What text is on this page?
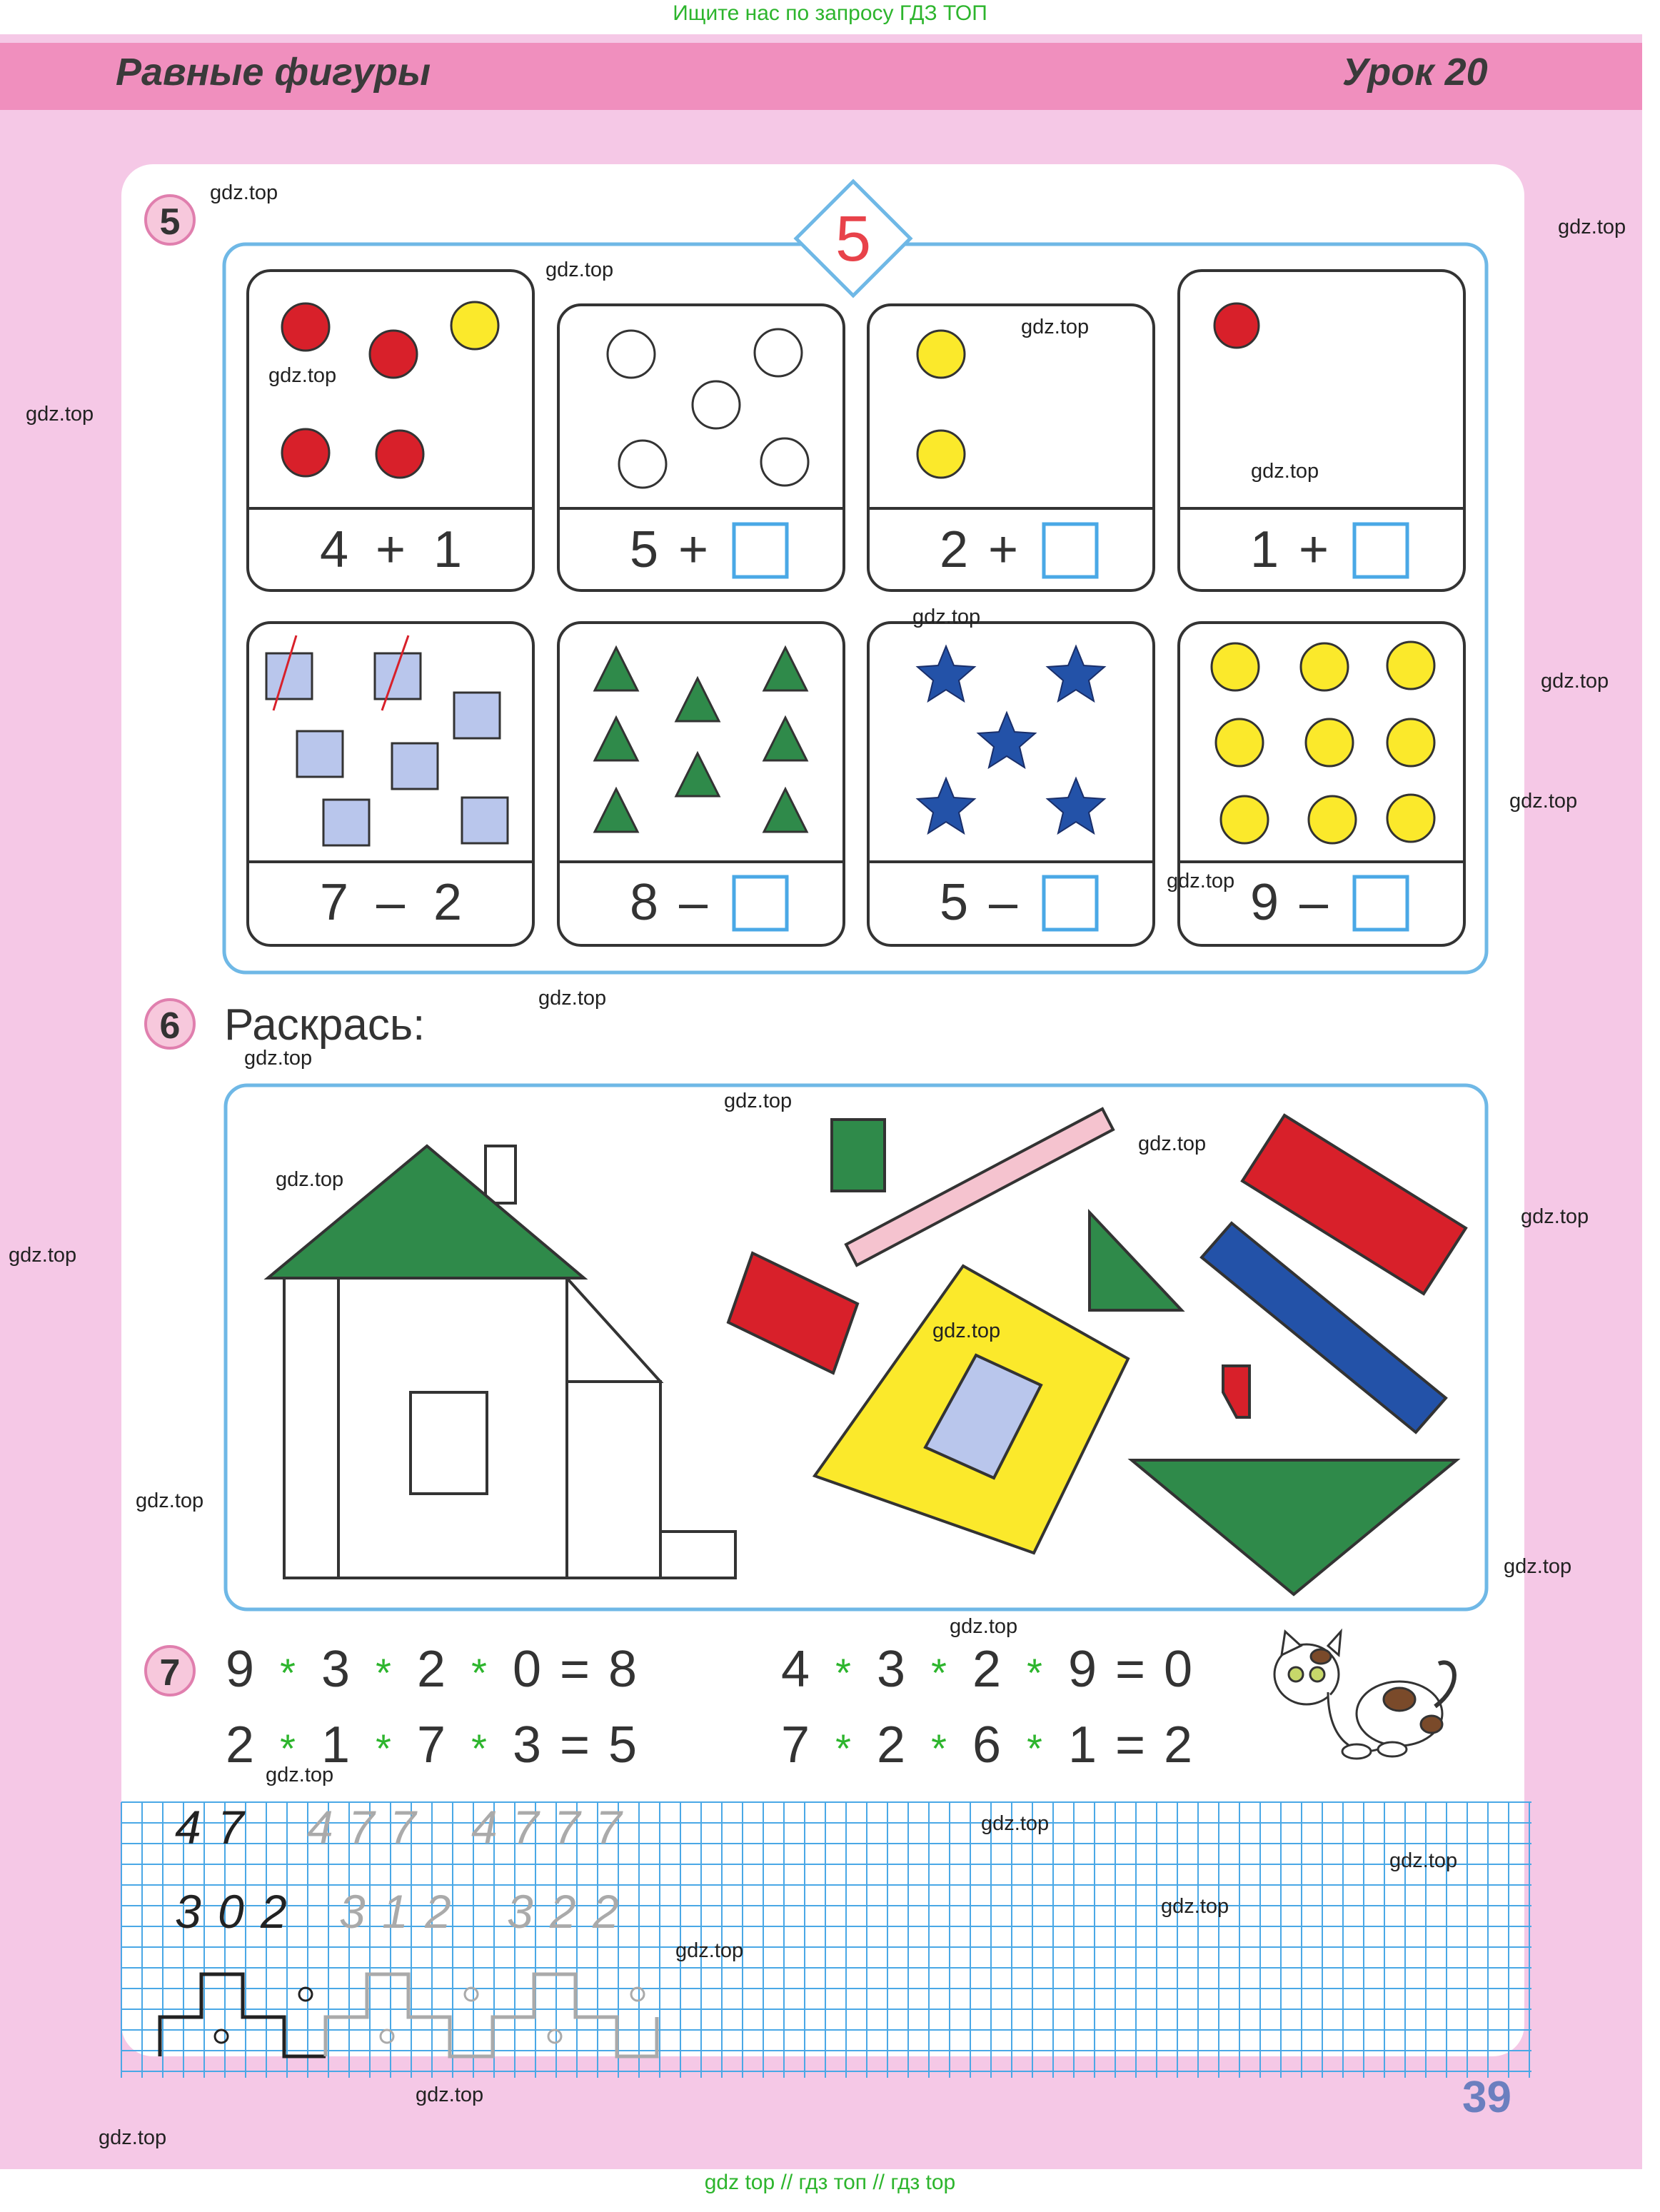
Ищите нас по запросу ГДЗ ТОП
Равные фигуры	Урок 20
5	5
4 + 1	5 +	2 +	1 +
7 – 2	8 –	5 –	9 –
6 Раскрась:
7 9 * 3 * 2 * 0 = 8	4 * 3 * 2 * 9 = 0
2 * 1 * 7 * 3 = 5	7 * 2 * 6 * 1 = 2
4 7 4 7 7 4 7 7 7
3 0 2 3 1 2 3 2 2
39
gdz top // гдз топ // гдз top
gdz.top
gdz.top
gdz.top
gdz.top
gdz.top
gdz.top
gdz.top
gdz.top
gdz.top
gdz.top
gdz.top
gdz.top
gdz.top
gdz.top
gdz.top
gdz.top
gdz.top
gdz.top
gdz.top
gdz.top
gdz.top
gdz.top
gdz.top
gdz.top
gdz.top
gdz.top
gdz.top
gdz.top
gdz.top
